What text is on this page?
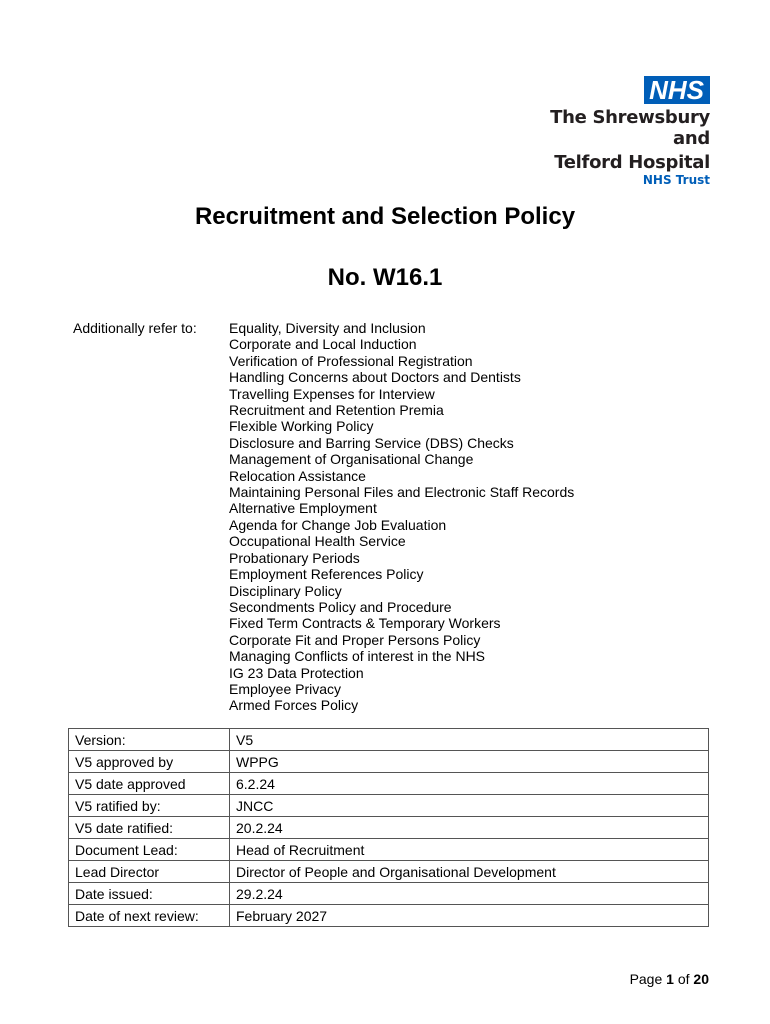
NHS
The Shrewsbury and
Telford Hospital
NHS Trust
Recruitment and Selection Policy
No. W16.1
Additionally refer to: Equality, Diversity and Inclusion
Corporate and Local Induction
Verification of Professional Registration
Handling Concerns about Doctors and Dentists
Travelling Expenses for Interview
Recruitment and Retention Premia
Flexible Working Policy
Disclosure and Barring Service (DBS) Checks
Management of Organisational Change
Relocation Assistance
Maintaining Personal Files and Electronic Staff Records
Alternative Employment
Agenda for Change Job Evaluation
Occupational Health Service
Probationary Periods
Employment References Policy
Disciplinary Policy
Secondments Policy and Procedure
Fixed Term Contracts & Temporary Workers
Corporate Fit and Proper Persons Policy
Managing Conflicts of interest in the NHS
IG 23 Data Protection
Employee Privacy
Armed Forces Policy
Version:	V5
V5 approved by	WPPG
V5 date approved	6.2.24
V5 ratified by:	JNCC
V5 date ratified:	20.2.24
Document Lead:	Head of Recruitment
Lead Director	Director of People and Organisational Development
Date issued:	29.2.24
Date of next review:	February 2027
Page 1 of 20
